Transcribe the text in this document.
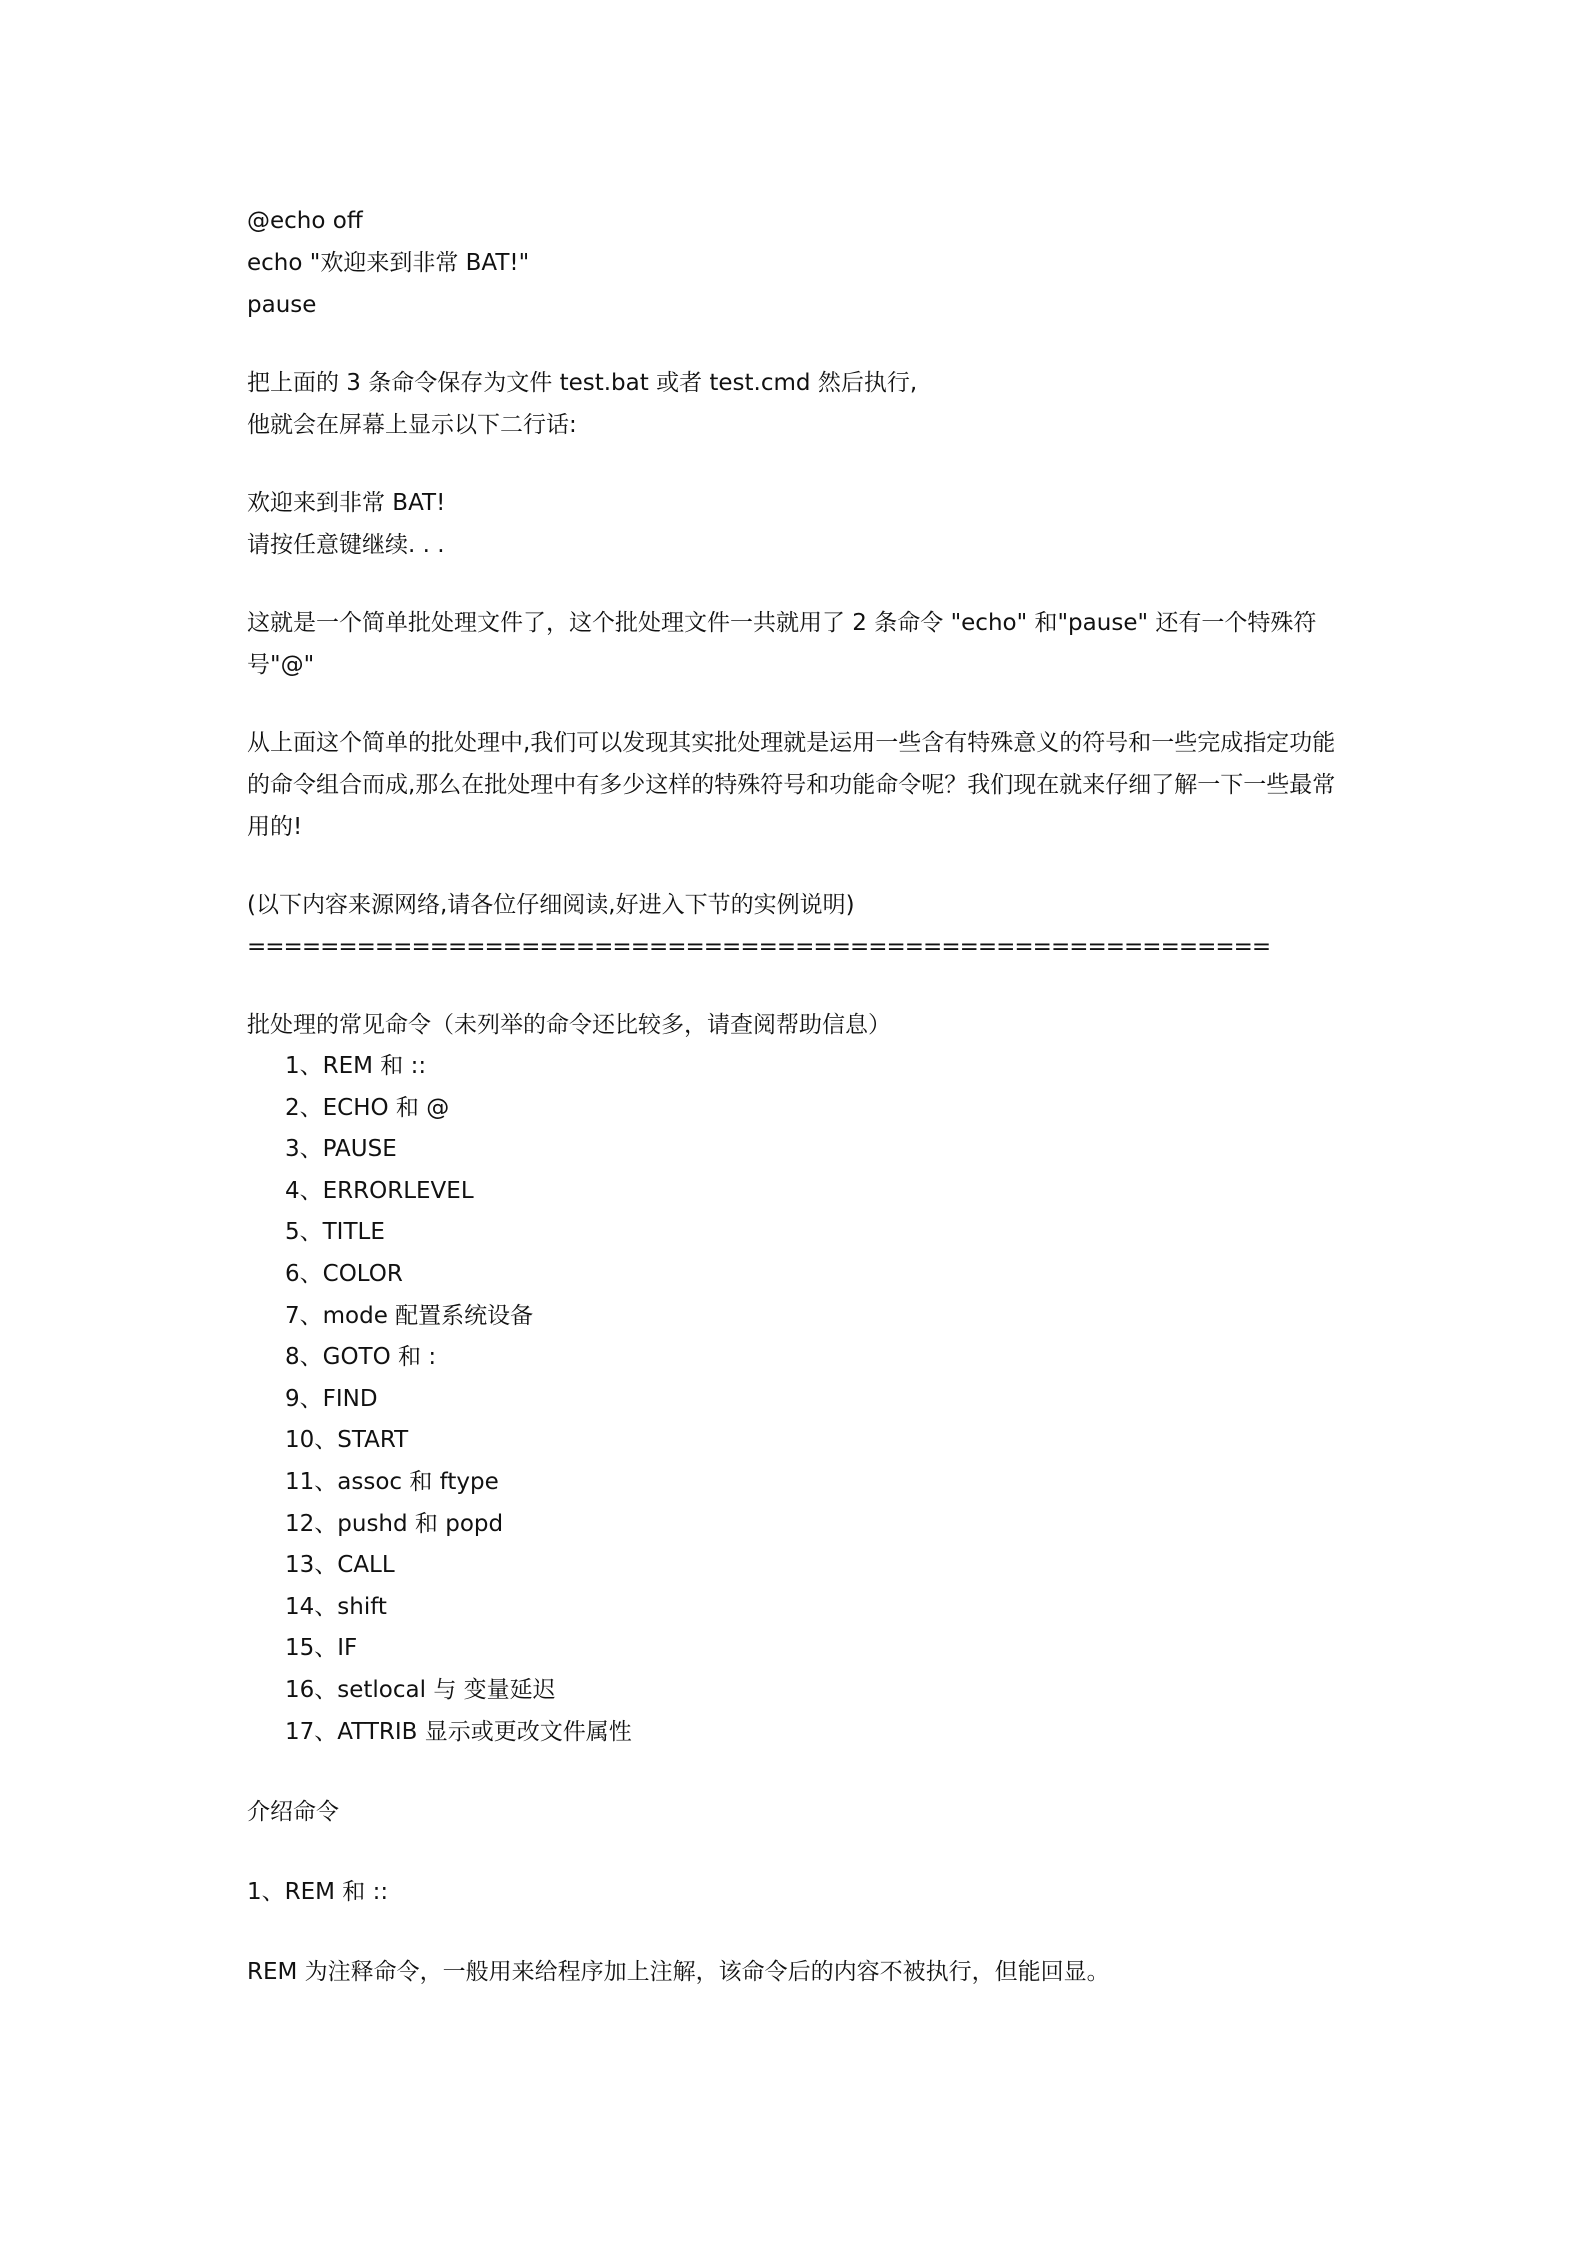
@echo off
echo "欢迎来到非常 BAT!"
pause
把上面的 3 条命令保存为文件 test.bat 或者 test.cmd 然后执行,
他就会在屏幕上显示以下二行话:
欢迎来到非常 BAT!
请按任意键继续. . .
这就是一个简单批处理文件了，这个批处理文件一共就用了 2 条命令 "echo" 和"pause" 还有一个特殊符号"@"
从上面这个简单的批处理中,我们可以发现其实批处理就是运用一些含有特殊意义的符号和一些完成指定功能的命令组合而成,那么在批处理中有多少这样的特殊符号和功能命令呢？我们现在就来仔细了解一下一些最常用的!
(以下内容来源网络,请各位仔细阅读,好进入下节的实例说明)
========================================================
批处理的常见命令（未列举的命令还比较多，请查阅帮助信息）
1、REM 和 ::
2、ECHO 和 @
3、PAUSE
4、ERRORLEVEL
5、TITLE
6、COLOR
7、mode 配置系统设备
8、GOTO 和 :
9、FIND
10、START
11、assoc 和 ftype
12、pushd 和 popd
13、CALL
14、shift
15、IF
16、setlocal 与 变量延迟
17、ATTRIB 显示或更改文件属性
介绍命令
1、REM 和 ::
REM 为注释命令，一般用来给程序加上注解，该命令后的内容不被执行，但能回显。
